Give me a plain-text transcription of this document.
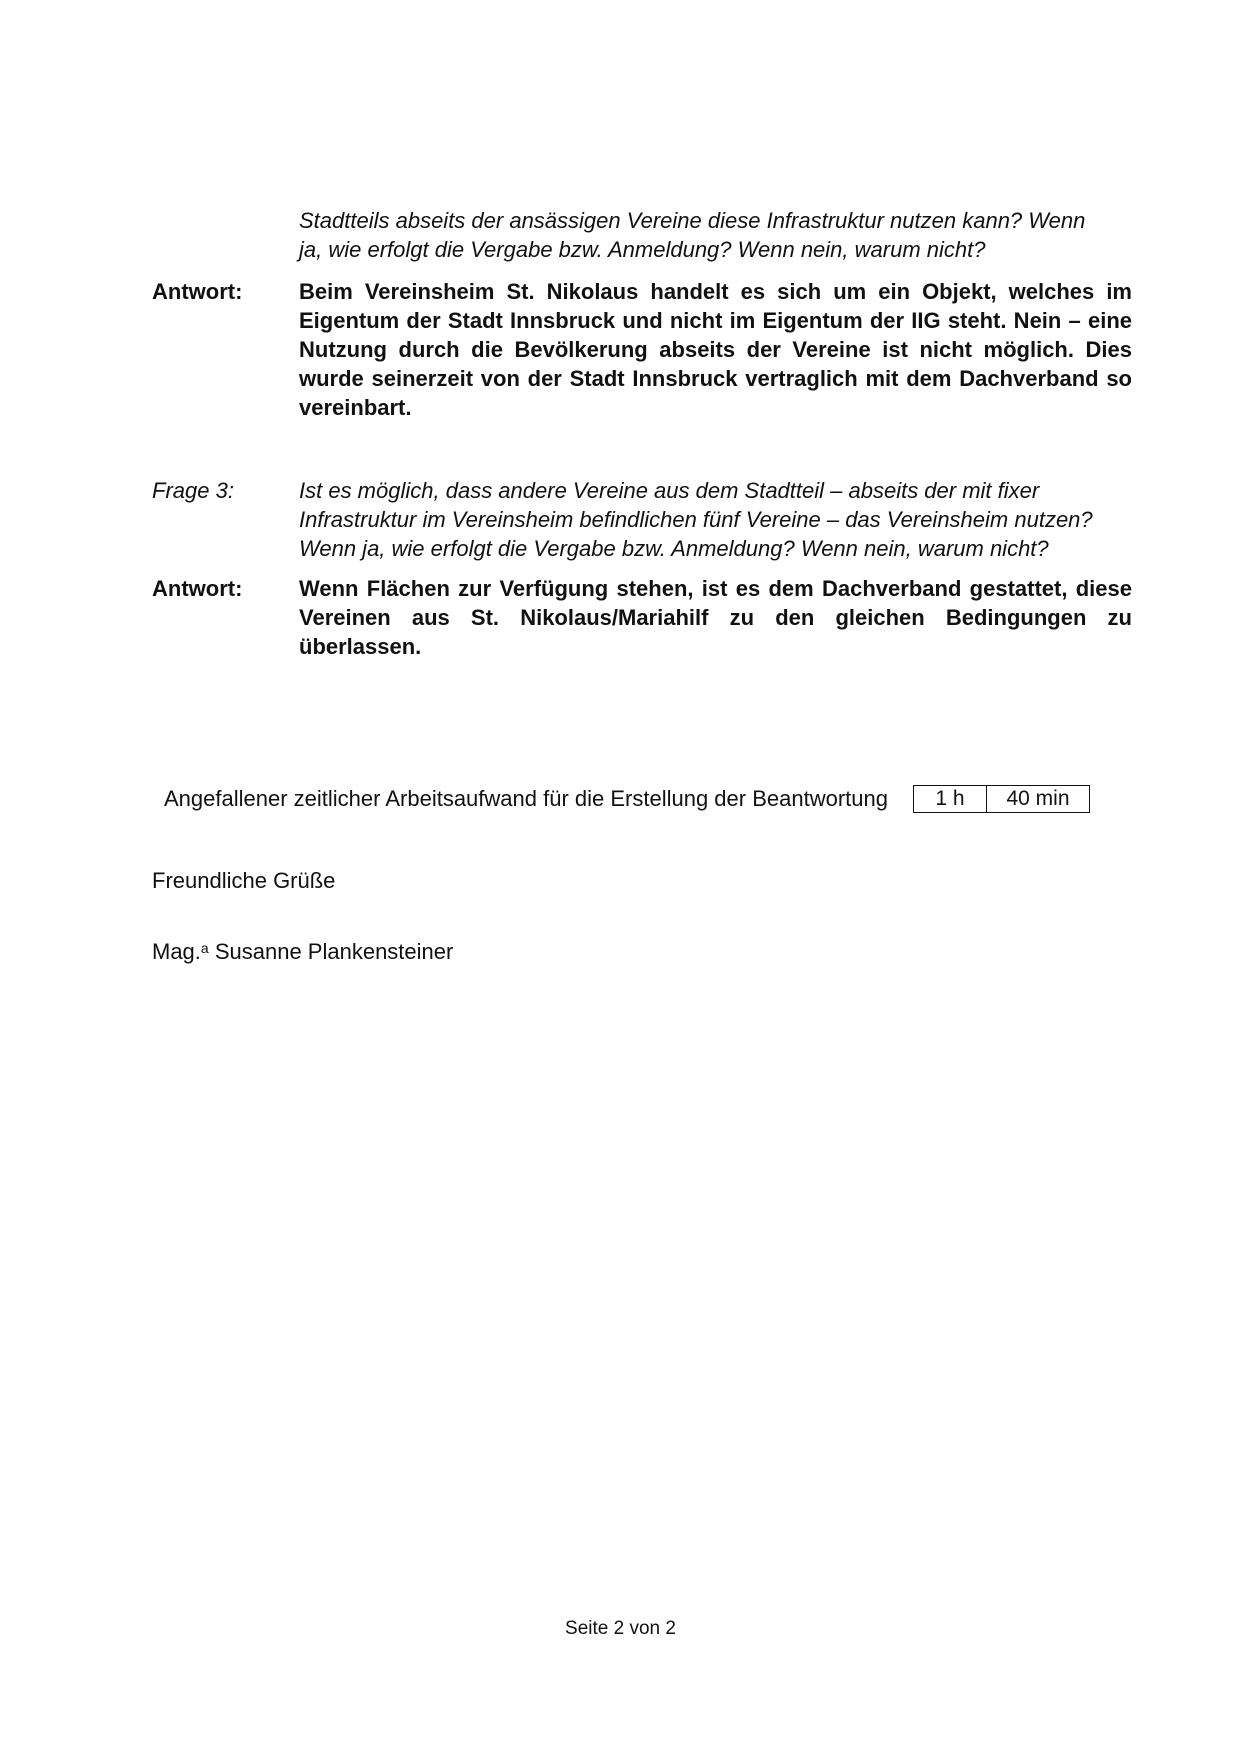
Stadtteils abseits der ansässigen Vereine diese Infrastruktur nutzen kann? Wenn
ja, wie erfolgt die Vergabe bzw. Anmeldung? Wenn nein, warum nicht?
Antwort:	Beim Vereinsheim St. Nikolaus handelt es sich um ein Objekt, welches im Eigentum der Stadt Innsbruck und nicht im Eigentum der IIG steht. Nein – eine Nutzung durch die Bevölkerung abseits der Vereine ist nicht möglich. Dies wurde seinerzeit von der Stadt Innsbruck vertraglich mit dem Dachverband so vereinbart.
Frage 3:	Ist es möglich, dass andere Vereine aus dem Stadtteil – abseits der mit fixer Infrastruktur im Vereinsheim befindlichen fünf Vereine – das Vereinsheim nutzen? Wenn ja, wie erfolgt die Vergabe bzw. Anmeldung? Wenn nein, warum nicht?
Antwort:	Wenn Flächen zur Verfügung stehen, ist es dem Dachverband gestattet, diese Vereinen aus St. Nikolaus/Mariahilf zu den gleichen Bedingungen zu überlassen.
Angefallener zeitlicher Arbeitsaufwand für die Erstellung der Beantwortung 1 h	40 min
Freundliche Grüße
Mag.$^a$ Susanne Plankensteiner
Seite 2 von 2
